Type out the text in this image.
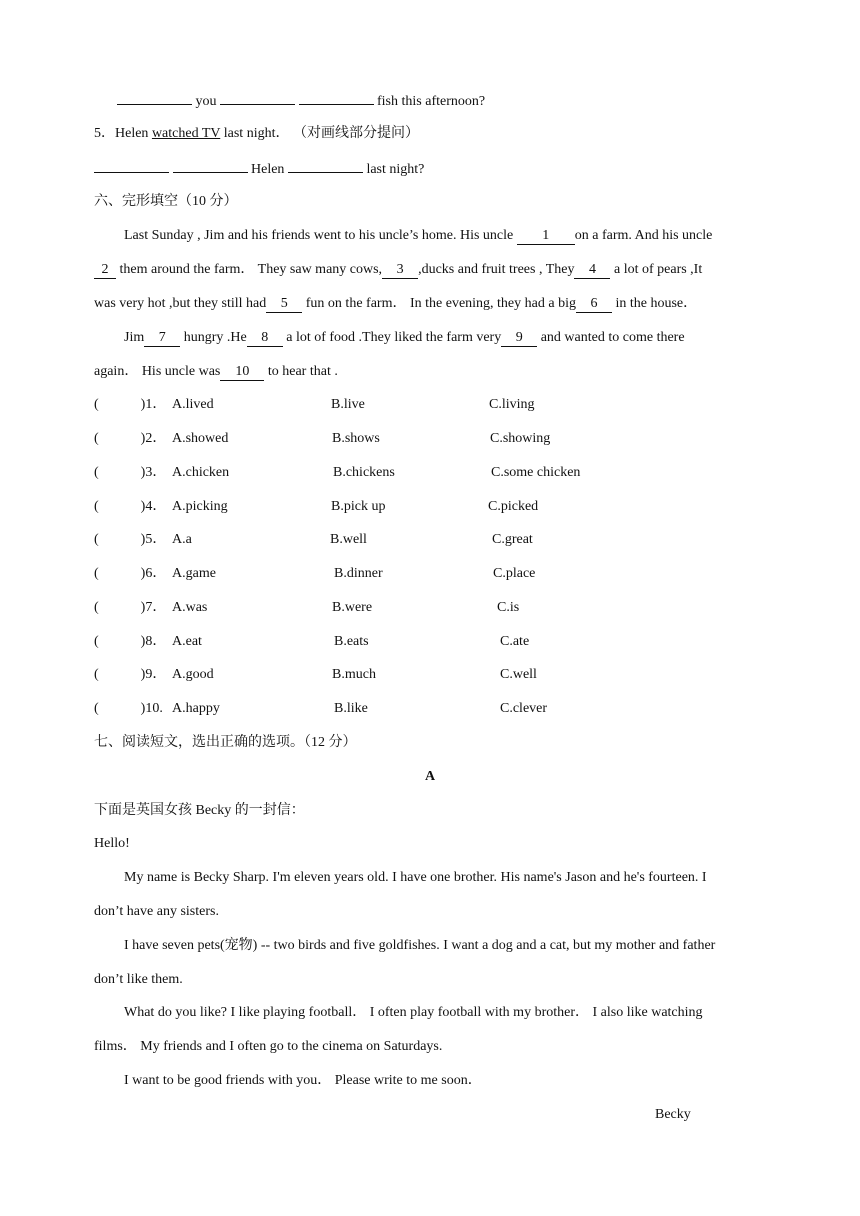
you	fish this afternoon?
5．Helen watched TV last night． （对画线部分提问）
Helen	last night?
六、完形填空（10 分）
Last Sunday , Jim and his friends went to his uncle’s home. His uncle 1 on a farm. And his uncle
2 them around the farm． They saw many cows, 3 ,ducks and fruit trees , They 4 a lot of pears ,It
was very hot ,but they still had 5 fun on the farm． In the evening, they had a big 6 in the house．
Jim 7 hungry .He 8 a lot of food .They liked the farm very 9 and wanted to come there
again． His uncle was 10 to hear that .
(　　　)1． A.lived	B.live	C.living
(　　　)2． A.showed	B.shows	C.showing
(　　　)3． A.chicken	B.chickens	C.some chicken
(　　　)4． A.picking	B.pick up	C.picked
(　　　)5． A.a	B.well	C.great
(　　　)6． A.game	B.dinner	C.place
(　　　)7． A.was	B.were	C.is
(　　　)8． A.eat	B.eats	C.ate
(　　　)9． A.good	B.much	C.well
(　　　)10. A.happy	B.like	C.clever
七、阅读短文，选出正确的选项。（12 分）
A
下面是英国女孩 Becky 的一封信：
Hello!
My name is Becky Sharp. I'm eleven years old. I have one brother. His name's Jason and he's fourteen. I
don’t have any sisters.
I have seven pets(宠物) -- two birds and five goldfishes. I want a dog and a cat, but my mother and father
don’t like them.
What do you like? I like playing football． I often play football with my brother． I also like watching
films． My friends and I often go to the cinema on Saturdays.
I want to be good friends with you． Please write to me soon．
Becky
